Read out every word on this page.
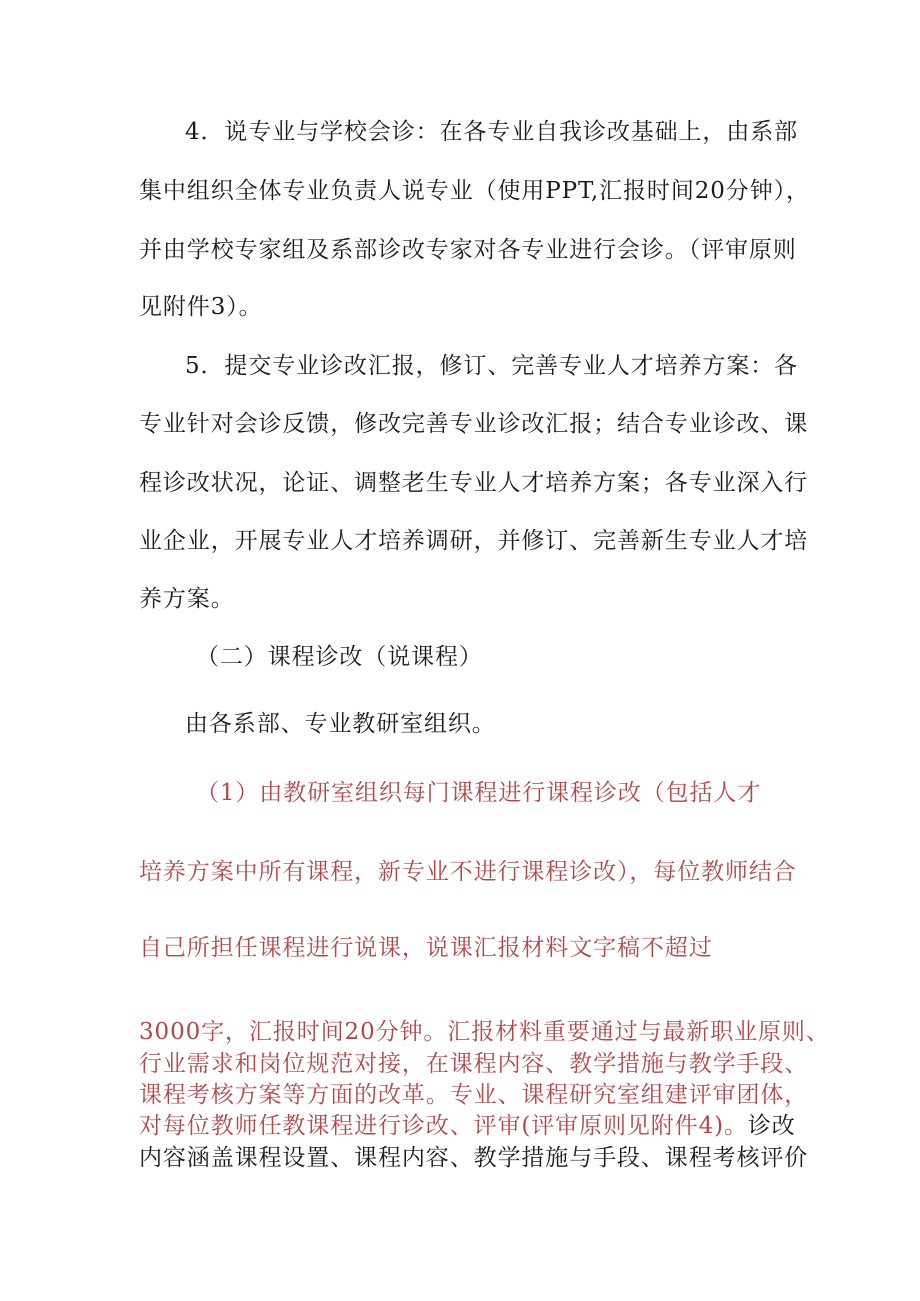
4．说专业与学校会诊：在各专业自我诊改基础上，由系部
集中组织全体专业负责人说专业（使用PPT,汇报时间20分钟），
并由学校专家组及系部诊改专家对各专业进行会诊。（评审原则
见附件3）。
5．提交专业诊改汇报，修订、完善专业人才培养方案：各
专业针对会诊反馈，修改完善专业诊改汇报；结合专业诊改、课
程诊改状况，论证、调整老生专业人才培养方案；各专业深入行
业企业，开展专业人才培养调研，并修订、完善新生专业人才培
养方案。
（二）课程诊改（说课程）
由各系部、专业教研室组织。
（1）由教研室组织每门课程进行课程诊改（包括人才
培养方案中所有课程，新专业不进行课程诊改），每位教师结合
自己所担任课程进行说课，说课汇报材料文字稿不超过
3000字，汇报时间20分钟。汇报材料重要通过与最新职业原则、
行业需求和岗位规范对接，在课程内容、教学措施与教学手段、
课程考核方案等方面的改革。专业、课程研究室组建评审团体，
对每位教师任教课程进行诊改、评审(评审原则见附件4)。诊改
内容涵盖课程设置、课程内容、教学措施与手段、课程考核评价
